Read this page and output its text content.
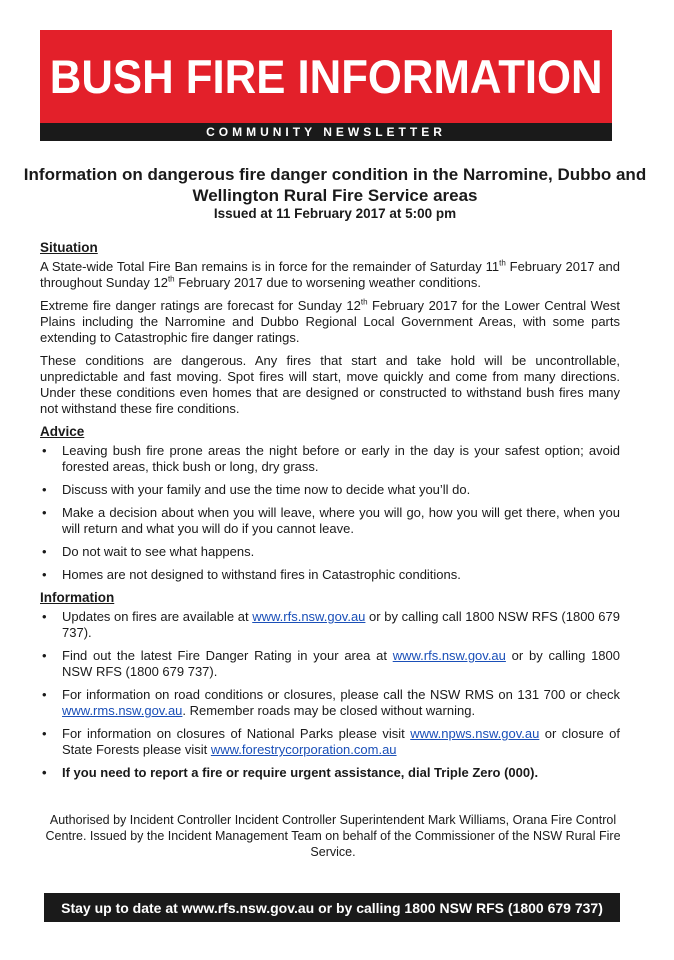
BUSH FIRE INFORMATION
COMMUNITY NEWSLETTER
Information on dangerous fire danger condition in the Narromine, Dubbo and Wellington Rural Fire Service areas
Issued at 11 February 2017 at 5:00 pm
Situation

A State-wide Total Fire Ban remains is in force for the remainder of Saturday 11th February 2017 and throughout Sunday 12th February 2017 due to worsening weather conditions.

Extreme fire danger ratings are forecast for Sunday 12th February 2017 for the Lower Central West Plains including the Narromine and Dubbo Regional Local Government Areas, with some parts extending to Catastrophic fire danger ratings.

These conditions are dangerous. Any fires that start and take hold will be uncontrollable, unpredictable and fast moving. Spot fires will start, move quickly and come from many directions. Under these conditions even homes that are designed or constructed to withstand bush fires many not withstand these fire conditions.

Advice
• Leaving bush fire prone areas the night before or early in the day is your safest option; avoid forested areas, thick bush or long, dry grass.
• Discuss with your family and use the time now to decide what you’ll do.
• Make a decision about when you will leave, where you will go, how you will get there, when you will return and what you will do if you cannot leave.
• Do not wait to see what happens.
• Homes are not designed to withstand fires in Catastrophic conditions.
Information
• Updates on fires are available at www.rfs.nsw.gov.au or by calling call 1800 NSW RFS (1800 679 737).
• Find out the latest Fire Danger Rating in your area at www.rfs.nsw.gov.au or by calling 1800 NSW RFS (1800 679 737).
• For information on road conditions or closures, please call the NSW RMS on 131 700 or check www.rms.nsw.gov.au. Remember roads may be closed without warning.
• For information on closures of National Parks please visit www.npws.nsw.gov.au or closure of State Forests please visit www.forestrycorporation.com.au
• If you need to report a fire or require urgent assistance, dial Triple Zero (000).
Authorised by Incident Controller Incident Controller Superintendent Mark Williams, Orana Fire Control Centre. Issued by the Incident Management Team on behalf of the Commissioner of the NSW Rural Fire Service.
Stay up to date at www.rfs.nsw.gov.au or by calling 1800 NSW RFS (1800 679 737)
